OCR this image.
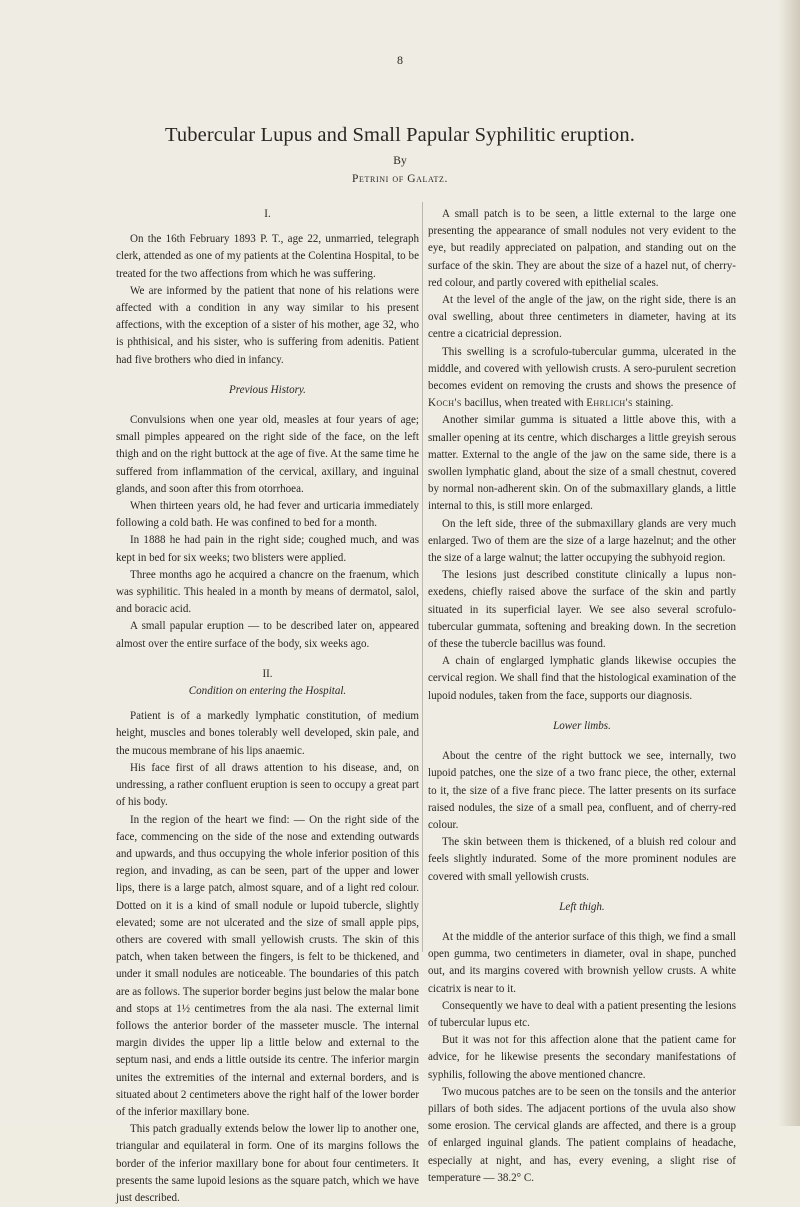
8
Tubercular Lupus and Small Papular Syphilitic eruption.
By
Petrini of Galatz.

I.

On the 16th February 1893 P. T., age 22, unmarried, telegraph clerk, attended as one of my patients at the Colentina Hospital, to be treated for the two affections from which he was suffering.

We are informed by the patient that none of his relations were affected with a condition in any way similar to his present affections, with the exception of a sister of his mother, age 32, who is phthisical, and his sister, who is suffering from adenitis. Patient had five brothers who died in infancy.

Previous History.

Convulsions when one year old, measles at four years of age; small pimples appeared on the right side of the face, on the left thigh and on the right buttock at the age of five. At the same time he suffered from inflammation of the cervical, axillary, and inguinal glands, and soon after this from otorrhoea.

When thirteen years old, he had fever and urticaria immediately following a cold bath. He was confined to bed for a month.

In 1888 he had pain in the right side; coughed much, and was kept in bed for six weeks; two blisters were applied.

Three months ago he acquired a chancre on the fraenum, which was syphilitic. This healed in a month by means of dermatol, salol, and boracic acid.

A small papular eruption — to be described later on, appeared almost over the entire surface of the body, six weeks ago.

II.

Condition on entering the Hospital.

Patient is of a markedly lymphatic constitution, of medium height, muscles and bones tolerably well developed, skin pale, and the mucous membrane of his lips anaemic.

His face first of all draws attention to his disease, and, on undressing, a rather confluent eruption is seen to occupy a great part of his body.

In the region of the heart we find: — On the right side of the face, commencing on the side of the nose and extending outwards and upwards, and thus occupying the whole inferior position of this region, and invading, as can be seen, part of the upper and lower lips, there is a large patch, almost square, and of a light red colour. Dotted on it is a kind of small nodule or lupoid tubercle, slightly elevated; some are not ulcerated and the size of small apple pips, others are covered with small yellowish crusts. The skin of this patch, when taken between the fingers, is felt to be thickened, and under it small nodules are noticeable. The boundaries of this patch are as follows. The superior border begins just below the malar bone and stops at 1½ centimetres from the ala nasi. The external limit follows the anterior border of the masseter muscle. The internal margin divides the upper lip a little below and external to the septum nasi, and ends a little outside its centre. The inferior margin unites the extremities of the internal and external borders, and is situated about 2 centimeters above the right half of the lower border of the inferior maxillary bone.

This patch gradually extends below the lower lip to another one, triangular and equilateral in form. One of its margins follows the border of the inferior maxillary bone for about four centimeters. It presents the same lupoid lesions as the square patch, which we have just described.

A small patch is to be seen, a little external to the large one presenting the appearance of small nodules not very evident to the eye, but readily appreciated on palpation, and standing out on the surface of the skin. They are about the size of a hazel nut, of cherry-red colour, and partly covered with epithelial scales.

At the level of the angle of the jaw, on the right side, there is an oval swelling, about three centimeters in diameter, having at its centre a cicatricial depression.

This swelling is a scrofulo-tubercular gumma, ulcerated in the middle, and covered with yellowish crusts. A sero-purulent secretion becomes evident on removing the crusts and shows the presence of Koch's bacillus, when treated with Ehrlich's staining.

Another similar gumma is situated a little above this, with a smaller opening at its centre, which discharges a little greyish serous matter. External to the angle of the jaw on the same side, there is a swollen lymphatic gland, about the size of a small chestnut, covered by normal non-adherent skin. On of the submaxillary glands, a little internal to this, is still more enlarged.

On the left side, three of the submaxillary glands are very much enlarged. Two of them are the size of a large hazelnut; and the other the size of a large walnut; the latter occupying the subhyoid region.

The lesions just described constitute clinically a lupus non-exedens, chiefly raised above the surface of the skin and partly situated in its superficial layer. We see also several scrofulo-tubercular gummata, softening and breaking down. In the secretion of these the tubercle bacillus was found.

A chain of englarged lymphatic glands likewise occupies the cervical region. We shall find that the histological examination of the lupoid nodules, taken from the face, supports our diagnosis.

Lower limbs.

About the centre of the right buttock we see, internally, two lupoid patches, one the size of a two franc piece, the other, external to it, the size of a five franc piece. The latter presents on its surface raised nodules, the size of a small pea, confluent, and of cherry-red colour.

The skin between them is thickened, of a bluish red colour and feels slightly indurated. Some of the more prominent nodules are covered with small yellowish crusts.

Left thigh.

At the middle of the anterior surface of this thigh, we find a small open gumma, two centimeters in diameter, oval in shape, punched out, and its margins covered with brownish yellow crusts. A white cicatrix is near to it.

Consequently we have to deal with a patient presenting the lesions of tubercular lupus etc.

But it was not for this affection alone that the patient came for advice, for he likewise presents the secondary manifestations of syphilis, following the above mentioned chancre.

Two mucous patches are to be seen on the tonsils and the anterior pillars of both sides. The adjacent portions of the uvula also show some erosion. The cervical glands are affected, and there is a group of enlarged inguinal glands. The patient complains of headache, especially at night, and has, every evening, a slight rise of temperature — 38.2° C.
